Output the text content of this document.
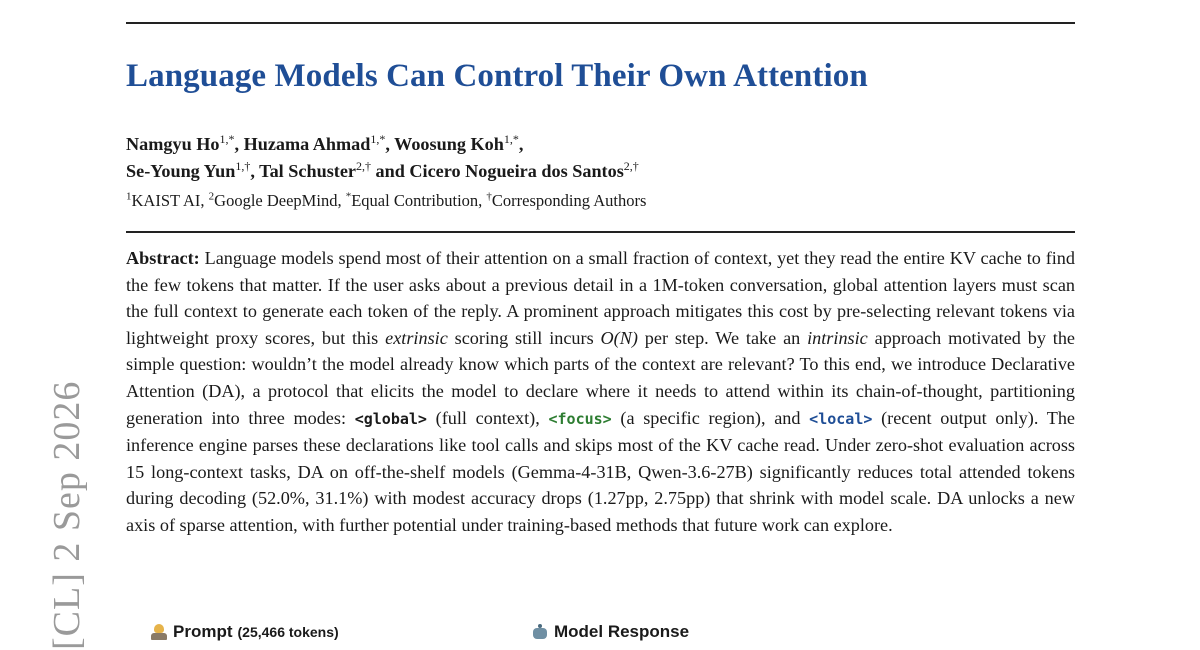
[CL] 2 Sep 2026
Language Models Can Control Their Own Attention
Namgyu $Ho^{1,*}$, Huzama Ahmad$^{1,*}$, Woosung Koh$^{1,*}$,
Se-Young Yun$^{1,\dagger}$, Tal Schuster$^{2,\dagger}$ and Cicero Nogueira dos Santos$^{2,\dagger}$
$^1$KAIST AI, $^2$Google DeepMind, *Equal Contribution, †Corresponding Authors

Abstract: Language models spend most of their attention on a small fraction of context, yet they read the entire KV cache to find the few tokens that matter. If the user asks about a previous detail in a 1M-token conversation, global attention layers must scan the full context to generate each token of the reply. A prominent approach mitigates this cost by pre-selecting relevant tokens via lightweight proxy scores, but this extrinsic scoring still incurs O(N) per step. We take an intrinsic approach motivated by the simple question: wouldn’t the model already know which parts of the context are relevant? To this end, we introduce Declarative Attention (DA), a protocol that elicits the model to declare where it needs to attend within its chain-of-thought, partitioning generation into three modes: <global> (full context), <focus> (a specific region), and <local> (recent output only). The inference engine parses these declarations like tool calls and skips most of the KV cache read. Under zero-shot evaluation across 15 long-context tasks, DA on off-the-shelf models (Gemma-4-31B, Qwen-3.6-27B) significantly reduces total attended tokens during decoding (52.0%, 31.1%) with modest accuracy drops (1.27pp, 2.75pp) that shrink with model scale. DA unlocks a new axis of sparse attention, with further potential under training-based methods that future work can explore.

Prompt (25,466 tokens)	Model Response
